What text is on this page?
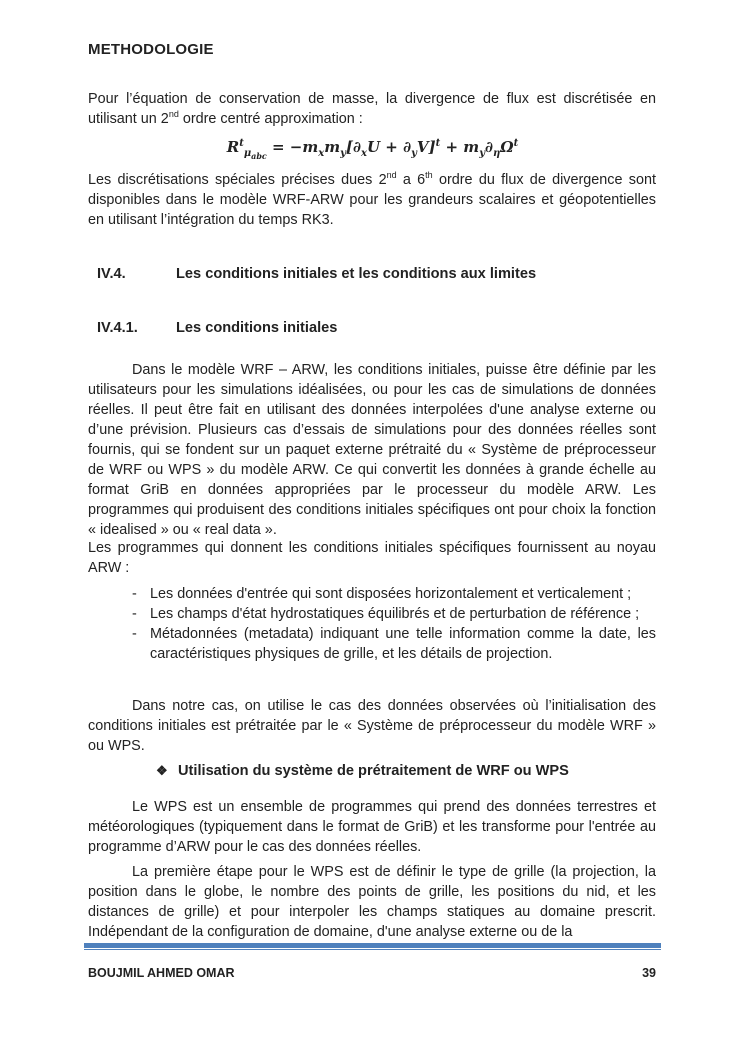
METHODOLOGIE
Pour l’équation de conservation de masse, la divergence de flux est discrétisée en utilisant un 2nd ordre centré approximation :
$R^t_{\mu_{abc}} = -m_xm_y[\partial_xU + \partial_yV]^t + m_y\partial_\eta\Omega^t$
Les discrétisations spéciales précises dues 2nd a 6th ordre du flux de divergence sont disponibles dans le modèle WRF-ARW pour les grandeurs scalaires et géopotentielles en utilisant l’intégration du temps RK3.
IV.4.	Les conditions initiales et les conditions aux limites
IV.4.1.	Les conditions initiales
Dans le modèle WRF – ARW, les conditions initiales, puisse être définie par les utilisateurs pour les simulations idéalisées, ou pour les cas de simulations de données réelles. Il peut être fait en utilisant des données interpolées d'une analyse externe ou d’une prévision. Plusieurs cas d’essais de simulations pour des données réelles sont fournis, qui se fondent sur un paquet externe prétraité du « Système de préprocesseur de WRF ou WPS » du modèle ARW. Ce qui convertit les données à grande échelle au format GriB en données appropriées par le processeur du modèle ARW. Les programmes qui produisent des conditions initiales spécifiques ont pour choix la fonction « idealised » ou « real data ».
Les programmes qui donnent les conditions initiales spécifiques fournissent au noyau ARW :
- Les données d'entrée qui sont disposées horizontalement et verticalement ;
- Les champs d'état hydrostatiques équilibrés et de perturbation de référence ;
- Métadonnées (metadata) indiquant une telle information comme la date, les caractéristiques physiques de grille, et les détails de projection.
Dans notre cas, on utilise le cas des données observées où l’initialisation des conditions initiales est prétraitée par le « Système de préprocesseur du modèle WRF » ou WPS.
❖ Utilisation du système de prétraitement de WRF ou WPS
Le WPS est un ensemble de programmes qui prend des données terrestres et météorologiques (typiquement dans le format de GriB) et les transforme pour l'entrée au programme d’ARW pour le cas des données réelles.
La première étape pour le WPS est de définir le type de grille (la projection, la position dans le globe, le nombre des points de grille, les positions du nid, et les distances de grille) et pour interpoler les champs statiques au domaine prescrit. Indépendant de la configuration de domaine, d'une analyse externe ou de la
BOUJMIL AHMED OMAR	39
